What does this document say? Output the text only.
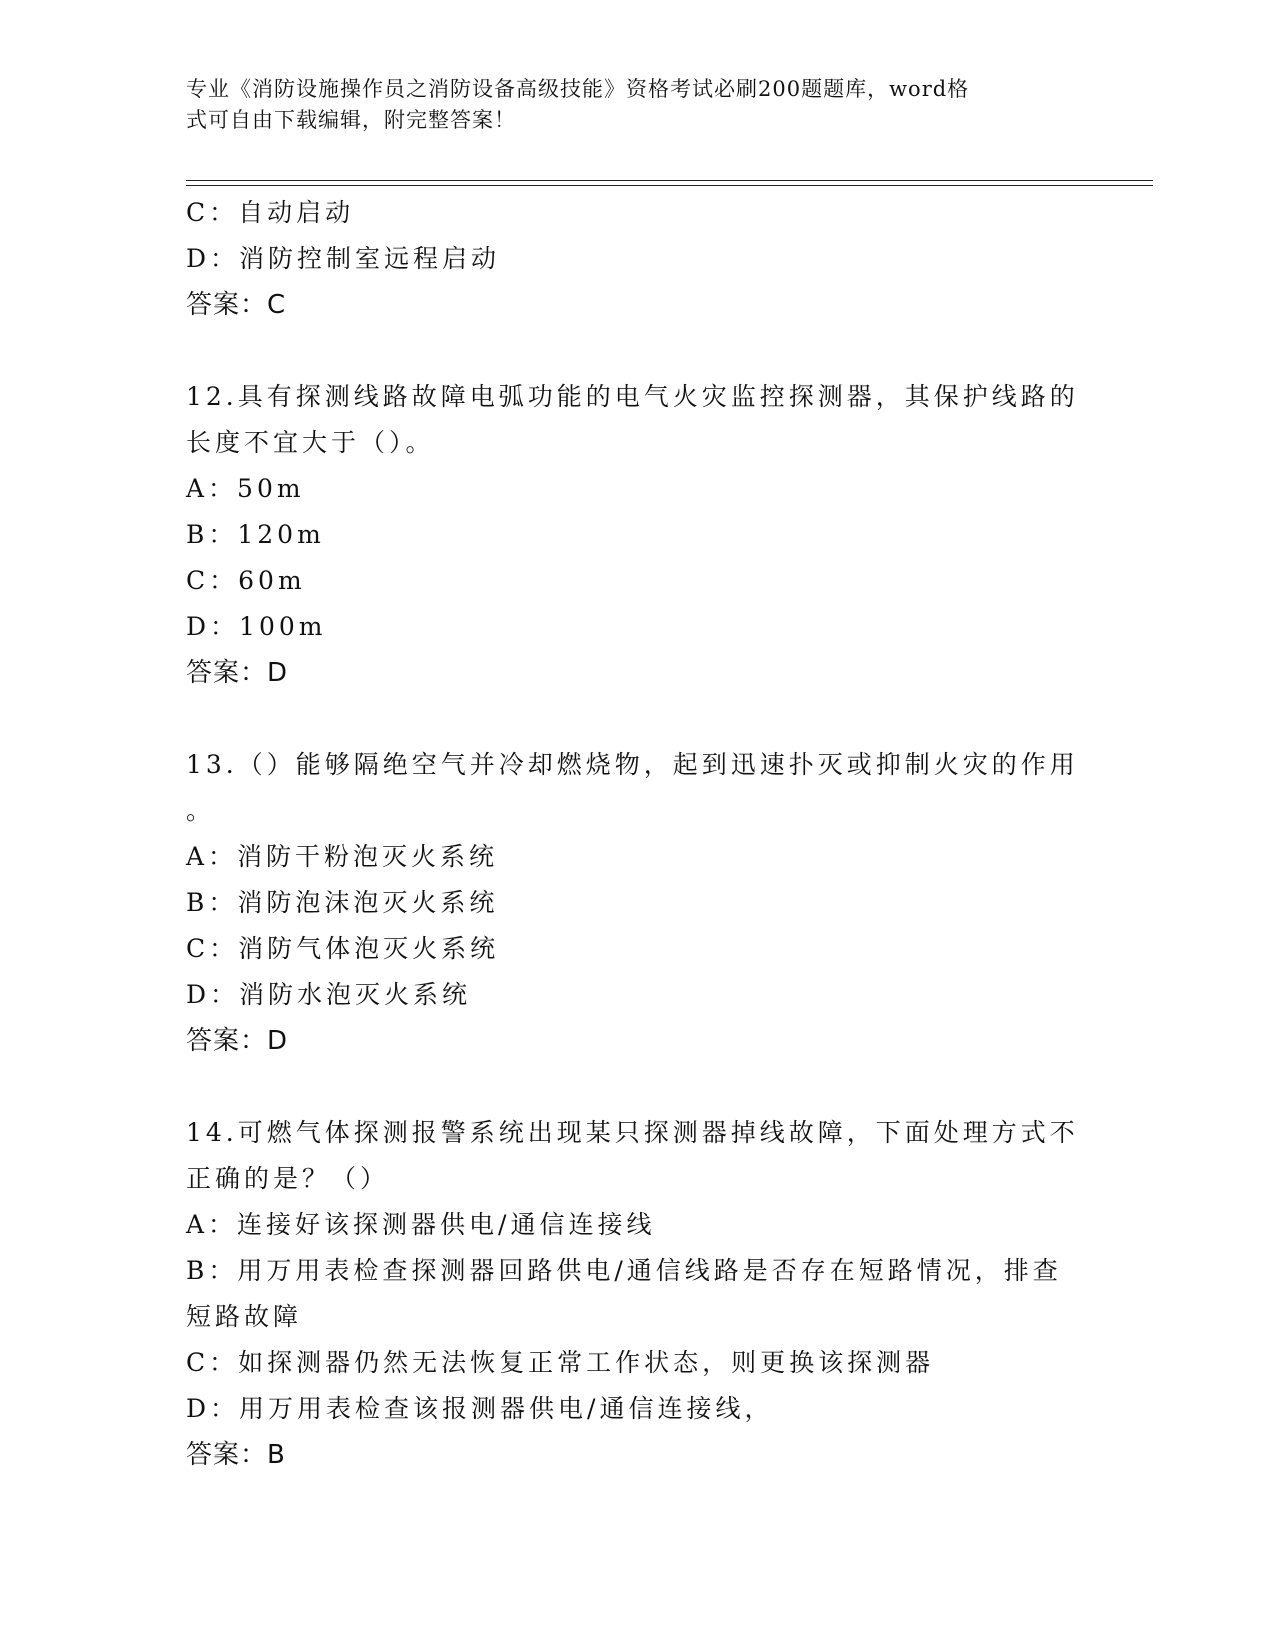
专业《消防设施操作员之消防设备高级技能》资格考试必刷200题题库，word格
式可自由下载编辑，附完整答案！
C：自动启动
D：消防控制室远程启动
答案：C
12.具有探测线路故障电弧功能的电气火灾监控探测器，其保护线路的
长度不宜大于（）。
A：50m
B：120m
C：60m
D：100m
答案：D
13.（）能够隔绝空气并冷却燃烧物，起到迅速扑灭或抑制火灾的作用
。
A：消防干粉泡灭火系统
B：消防泡沫泡灭火系统
C：消防气体泡灭火系统
D：消防水泡灭火系统
答案：D
14.可燃气体探测报警系统出现某只探测器掉线故障，下面处理方式不
正确的是？（）
A：连接好该探测器供电/通信连接线
B：用万用表检查探测器回路供电/通信线路是否存在短路情况，排查
短路故障
C：如探测器仍然无法恢复正常工作状态，则更换该探测器
D：用万用表检查该报测器供电/通信连接线，
答案：B
